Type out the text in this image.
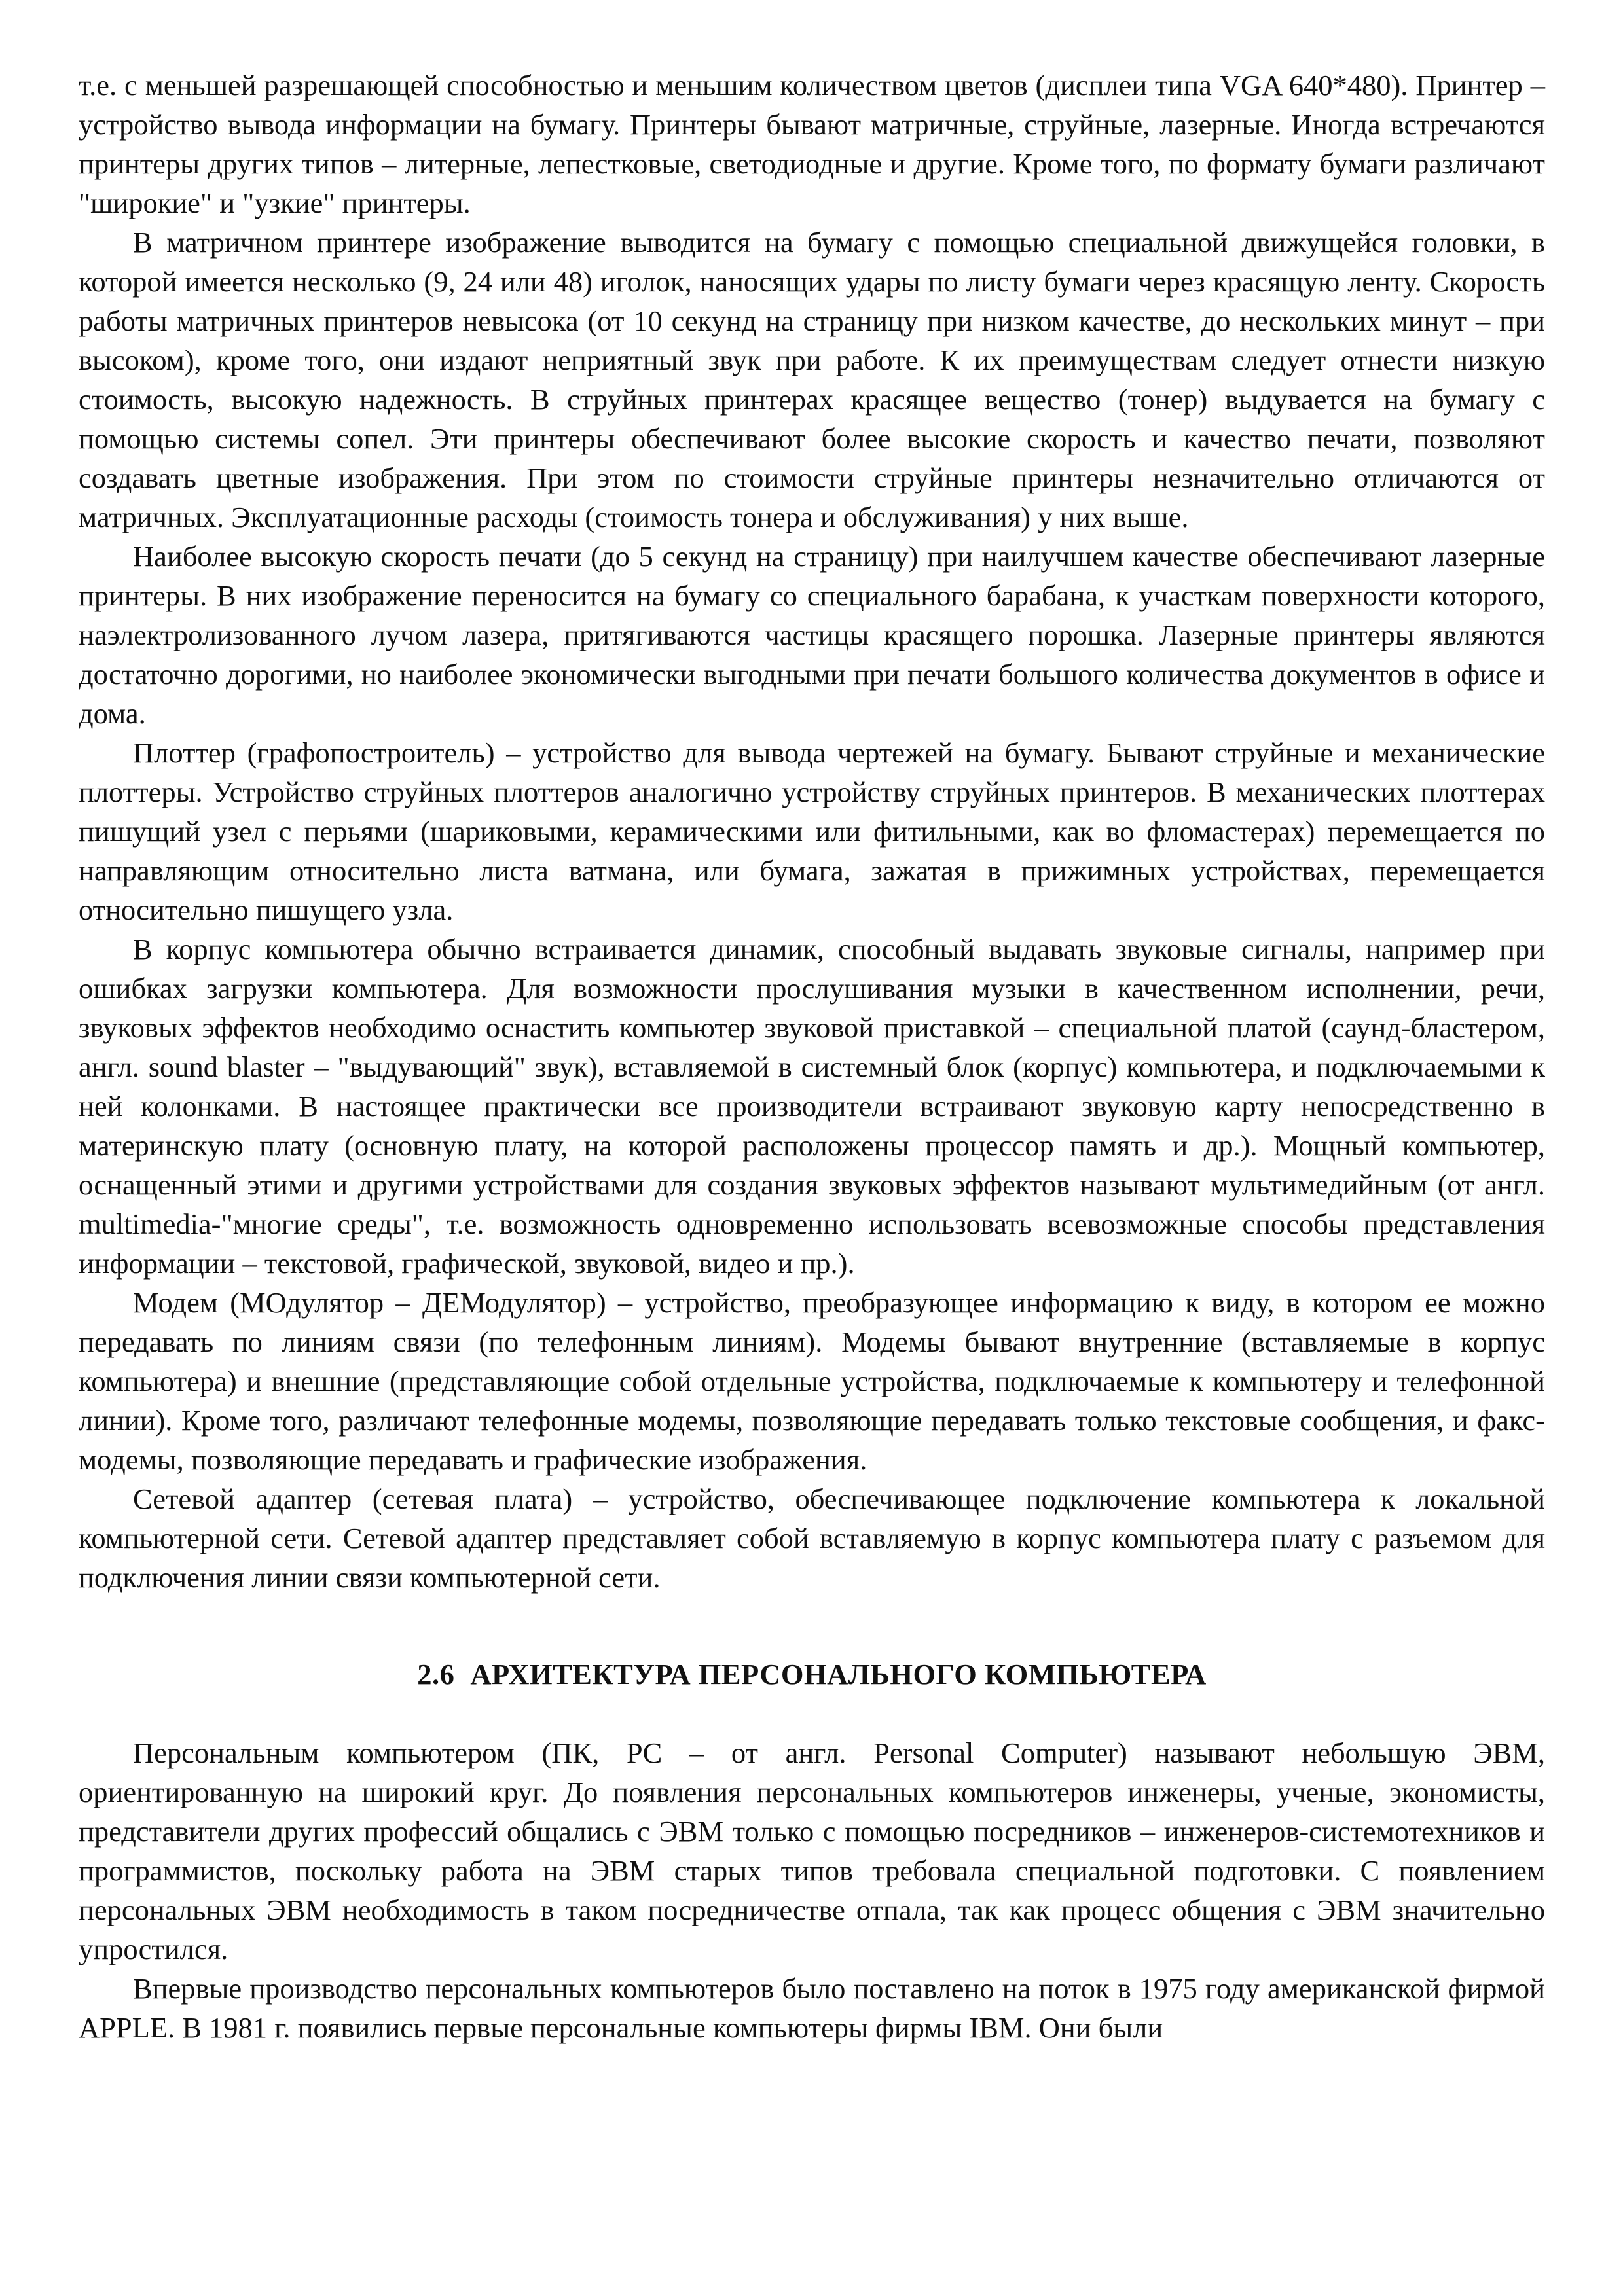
т.е. с меньшей разрешающей способностью и меньшим количеством цветов (дисплеи типа VGA 640*480). Принтер – устройство вывода информации на бумагу. Принтеры бывают матричные, струйные, лазерные. Иногда встречаются принтеры других типов – литерные, лепестковые, светодиодные и другие. Кроме того, по формату бумаги различают "широкие" и "узкие" принтеры.

В матричном принтере изображение выводится на бумагу с помощью специальной движущейся головки, в которой имеется несколько (9, 24 или 48) иголок, наносящих удары по листу бумаги через красящую ленту. Скорость работы матричных принтеров невысока (от 10 секунд на страницу при низком качестве, до нескольких минут – при высоком), кроме того, они издают неприятный звук при работе. К их преимуществам следует отнести низкую стоимость, высокую надежность. В струйных принтерах красящее вещество (тонер) выдувается на бумагу с помощью системы сопел. Эти принтеры обеспечивают более высокие скорость и качество печати, позволяют создавать цветные изображения. При этом по стоимости струйные принтеры незначительно отличаются от матричных. Эксплуатационные расходы (стоимость тонера и обслуживания) у них выше.

Наиболее высокую скорость печати (до 5 секунд на страницу) при наилучшем качестве обеспечивают лазерные принтеры. В них изображение переносится на бумагу со специального барабана, к участкам поверхности которого, наэлектролизованного лучом лазера, притягиваются частицы красящего порошка. Лазерные принтеры являются достаточно дорогими, но наиболее экономически выгодными при печати большого количества документов в офисе и дома.

Плоттер (графопостроитель) – устройство для вывода чертежей на бумагу. Бывают струйные и механические плоттеры. Устройство струйных плоттеров аналогично устройству струйных принтеров. В механических плоттерах пишущий узел с перьями (шариковыми, керамическими или фитильными, как во фломастерах) перемещается по направляющим относительно листа ватмана, или бумага, зажатая в прижимных устройствах, перемещается относительно пишущего узла.

В корпус компьютера обычно встраивается динамик, способный выдавать звуковые сигналы, например при ошибках загрузки компьютера. Для возможности прослушивания музыки в качественном исполнении, речи, звуковых эффектов необходимо оснастить компьютер звуковой приставкой – специальной платой (саунд-бластером, англ. sound blaster – "выдувающий" звук), вставляемой в системный блок (корпус) компьютера, и подключаемыми к ней колонками. В настоящее практически все производители встраивают звуковую карту непосредственно в материнскую плату (основную плату, на которой расположены процессор память и др.). Мощный компьютер, оснащенный этими и другими устройствами для создания звуковых эффектов называют мультимедийным (от англ. multimedia-"многие среды", т.е. возможность одновременно использовать всевозможные способы представления информации – текстовой, графической, звуковой, видео и пр.).

Модем (МОдулятор – ДЕМодулятор) – устройство, преобразующее информацию к виду, в котором ее можно передавать по линиям связи (по телефонным линиям). Модемы бывают внутренние (вставляемые в корпус компьютера) и внешние (представляющие собой отдельные устройства, подключаемые к компьютеру и телефонной линии). Кроме того, различают телефонные модемы, позволяющие передавать только текстовые сообщения, и факс-модемы, позволяющие передавать и графические изображения.

Сетевой адаптер (сетевая плата) – устройство, обеспечивающее подключение компьютера к локальной компьютерной сети. Сетевой адаптер представляет собой вставляемую в корпус компьютера плату с разъемом для подключения линии связи компьютерной сети.

2.6 АРХИТЕКТУРА ПЕРСОНАЛЬНОГО КОМПЬЮТЕРА

Персональным компьютером (ПК, PC – от англ. Personal Computer) называют небольшую ЭВМ, ориентированную на широкий круг. До появления персональных компьютеров инженеры, ученые, экономисты, представители других профессий общались с ЭВМ только с помощью посредников – инженеров-системотехников и программистов, поскольку работа на ЭВМ старых типов требовала специальной подготовки. С появлением персональных ЭВМ необходимость в таком посредничестве отпала, так как процесс общения с ЭВМ значительно упростился.

Впервые производство персональных компьютеров было поставлено на поток в 1975 году американской фирмой APPLE. В 1981 г. появились первые персональные компьютеры фирмы IBM. Они были
